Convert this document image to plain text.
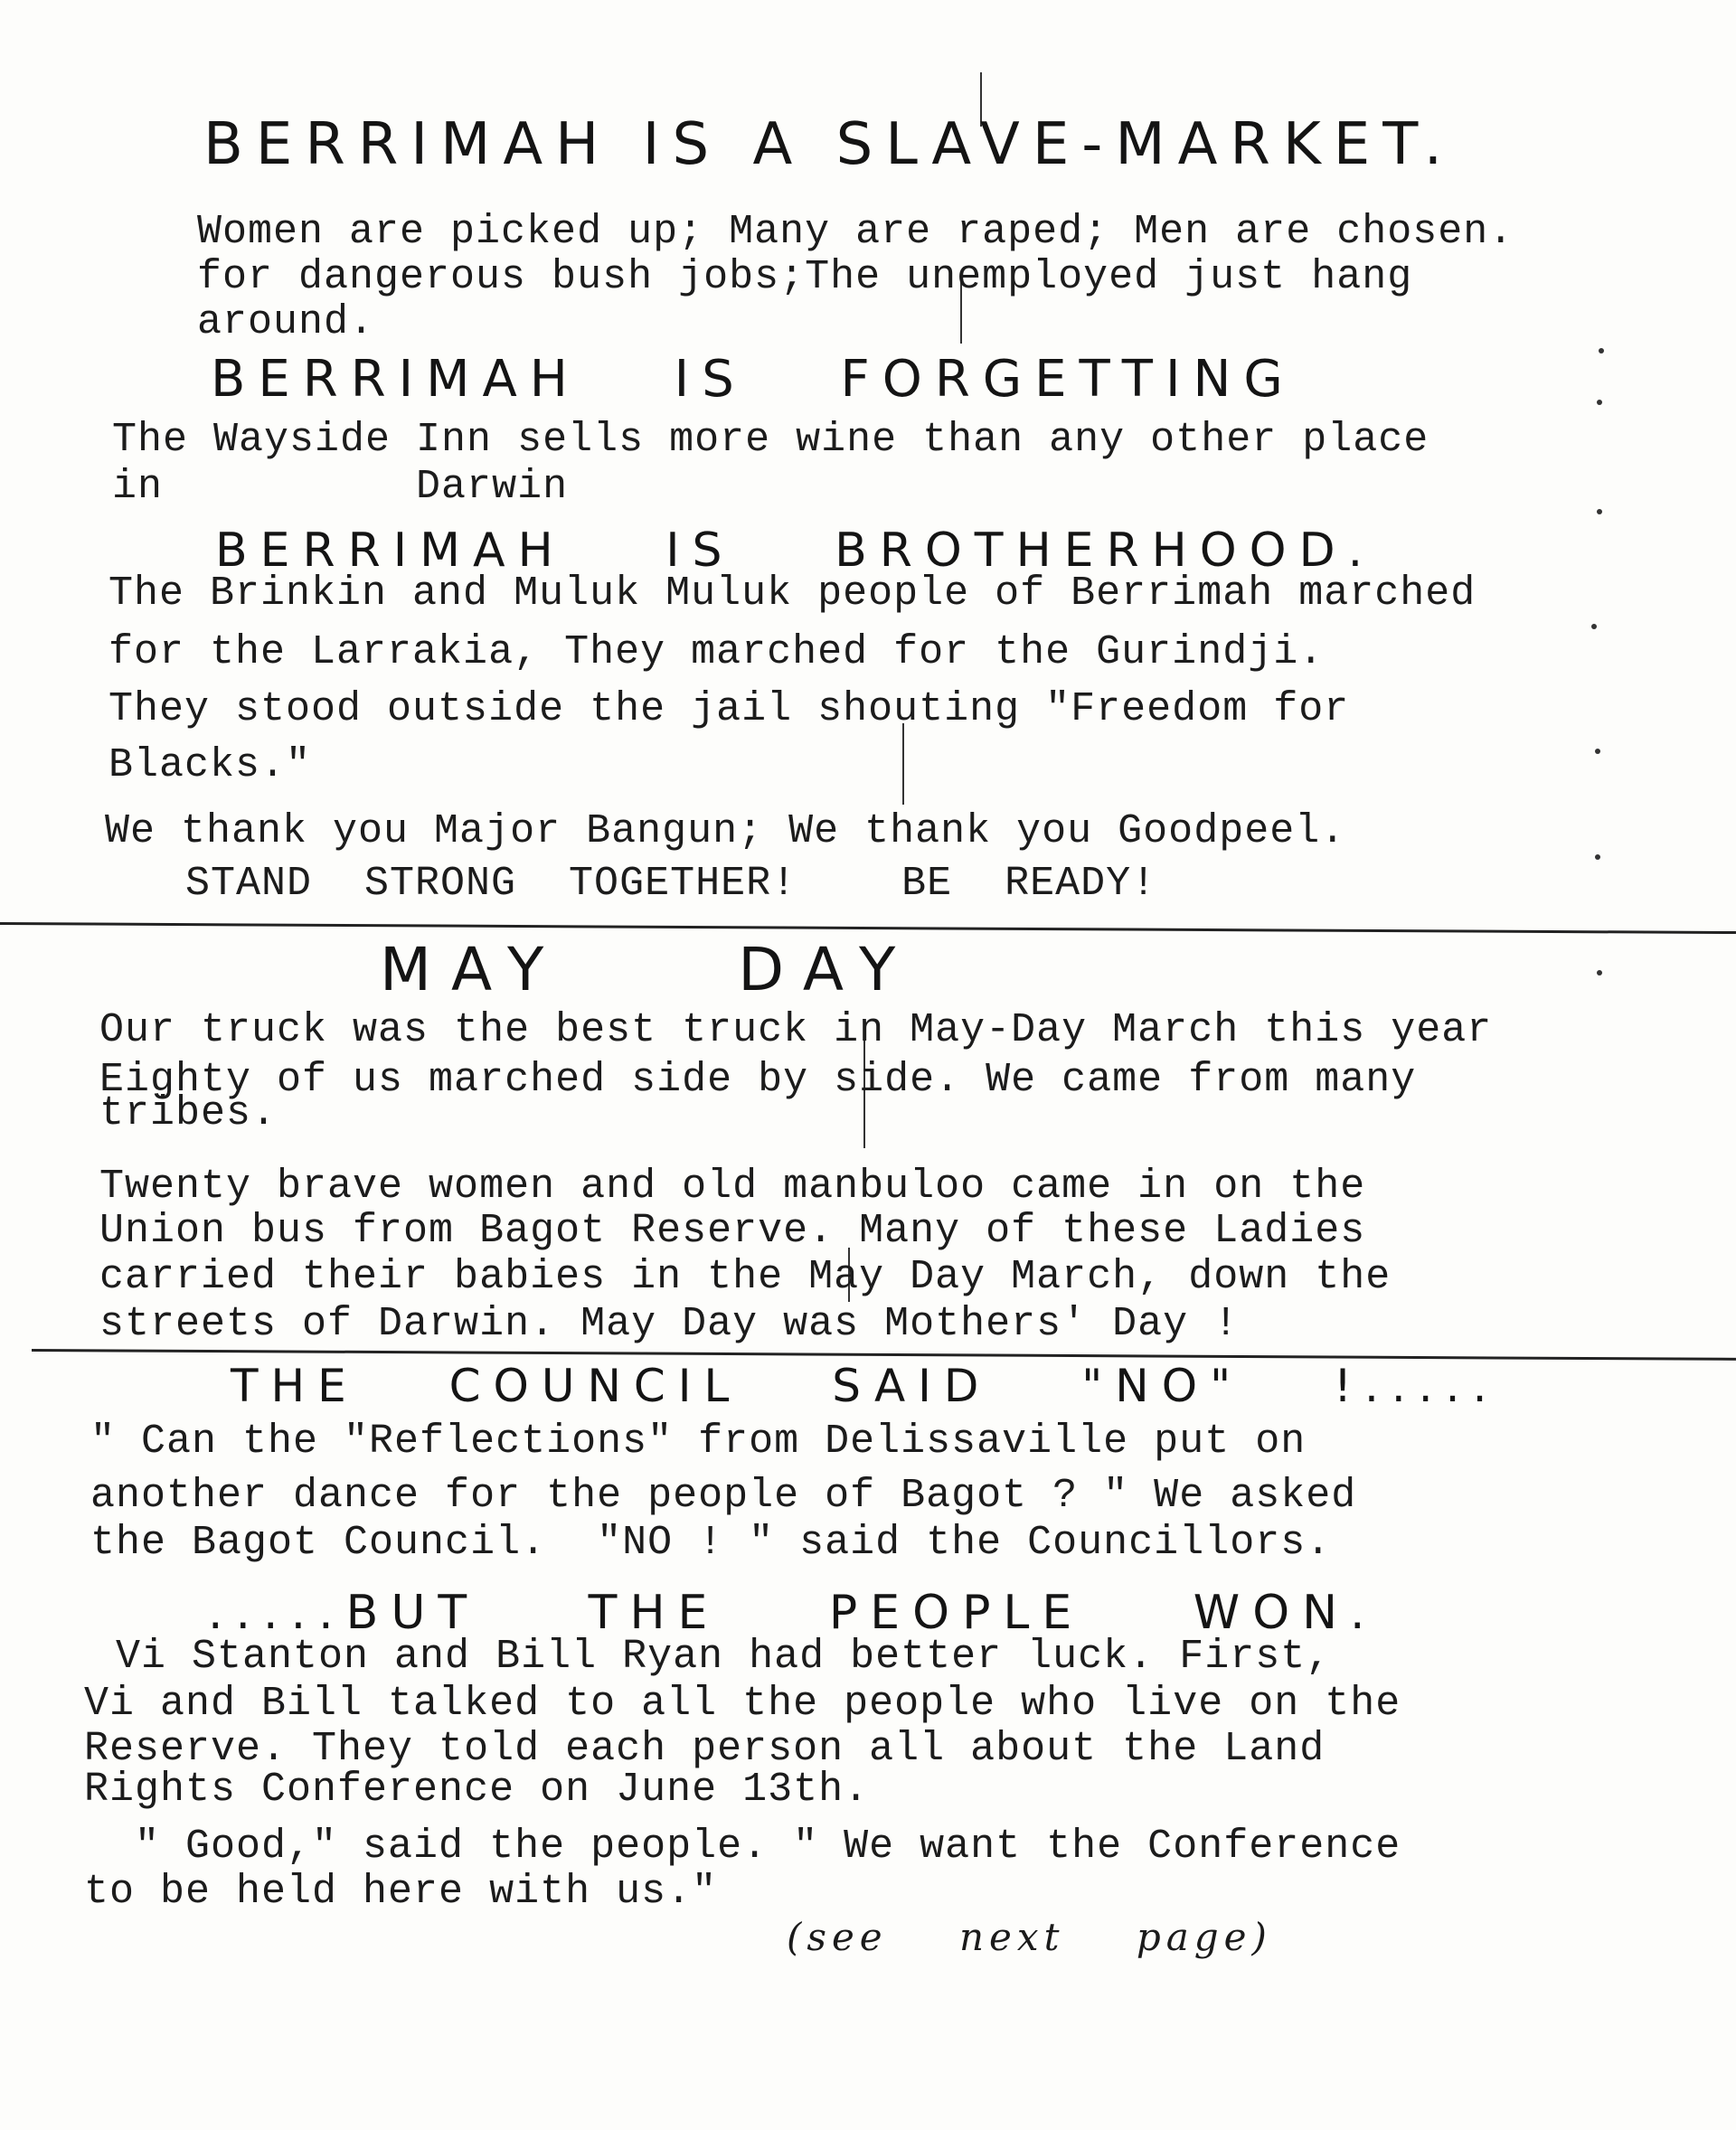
BERRIMAH IS A SLAVE-MARKET.
Women are picked up; Many are raped; Men are chosen.
for dangerous bush jobs;The unemployed just hang
around.
BERRIMAH IS FORGETTING
The Wayside Inn sells more wine than any other place
in          Darwin
BERRIMAH IS BROTHERHOOD.
The Brinkin and Muluk Muluk people of Berrimah marched
for the Larrakia, They marched for the Gurindji.
They stood outside the jail shouting "Freedom for
Blacks."
We thank you Major Bangun; We thank you Goodpeel.
STAND STRONG TOGETHER!  BE READY!
MAY DAY
Our truck was the best truck in May-Day March this year
Eighty of us marched side by side. We came from many
tribes.
Twenty brave women and old manbuloo came in on the
Union bus from Bagot Reserve. Many of these Ladies
carried their babies in the May Day March, down the
streets of Darwin. May Day was Mothers' Day !
THE COUNCIL SAID "NO" !.....
" Can the "Reflections" from Delissaville put on
another dance for the people of Bagot ? " We asked
the Bagot Council.  "NO ! " said the Councillors.
.....BUT THE PEOPLE WON.
Vi Stanton and Bill Ryan had better luck. First,
Vi and Bill talked to all the people who live on the
Reserve. They told each person all about the Land
Rights Conference on June 13th.
" Good," said the people. " We want the Conference
to be held here with us."
(see next page)
